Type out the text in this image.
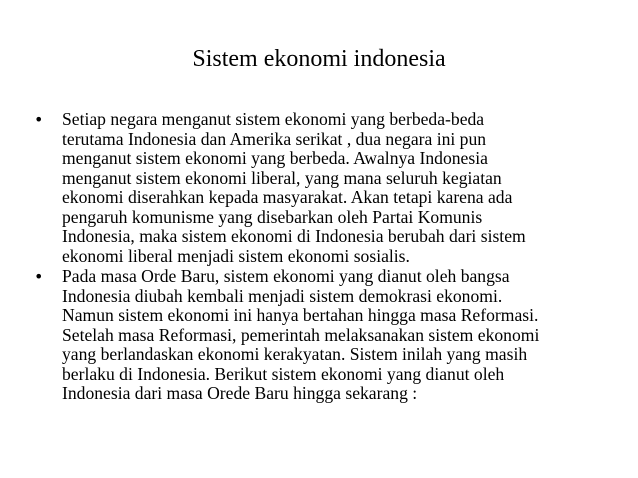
Sistem ekonomi indonesia
• Setiap negara menganut sistem ekonomi yang berbeda-beda
terutama Indonesia dan Amerika serikat , dua negara ini pun
menganut sistem ekonomi yang berbeda. Awalnya Indonesia
menganut sistem ekonomi liberal, yang mana seluruh kegiatan
ekonomi diserahkan kepada masyarakat. Akan tetapi karena ada
pengaruh komunisme yang disebarkan oleh Partai Komunis
Indonesia, maka sistem ekonomi di Indonesia berubah dari sistem
ekonomi liberal menjadi sistem ekonomi sosialis.
• Pada masa Orde Baru, sistem ekonomi yang dianut oleh bangsa
Indonesia diubah kembali menjadi sistem demokrasi ekonomi.
Namun sistem ekonomi ini hanya bertahan hingga masa Reformasi.
Setelah masa Reformasi, pemerintah melaksanakan sistem ekonomi
yang berlandaskan ekonomi kerakyatan. Sistem inilah yang masih
berlaku di Indonesia. Berikut sistem ekonomi yang dianut oleh
Indonesia dari masa Orede Baru hingga sekarang :
